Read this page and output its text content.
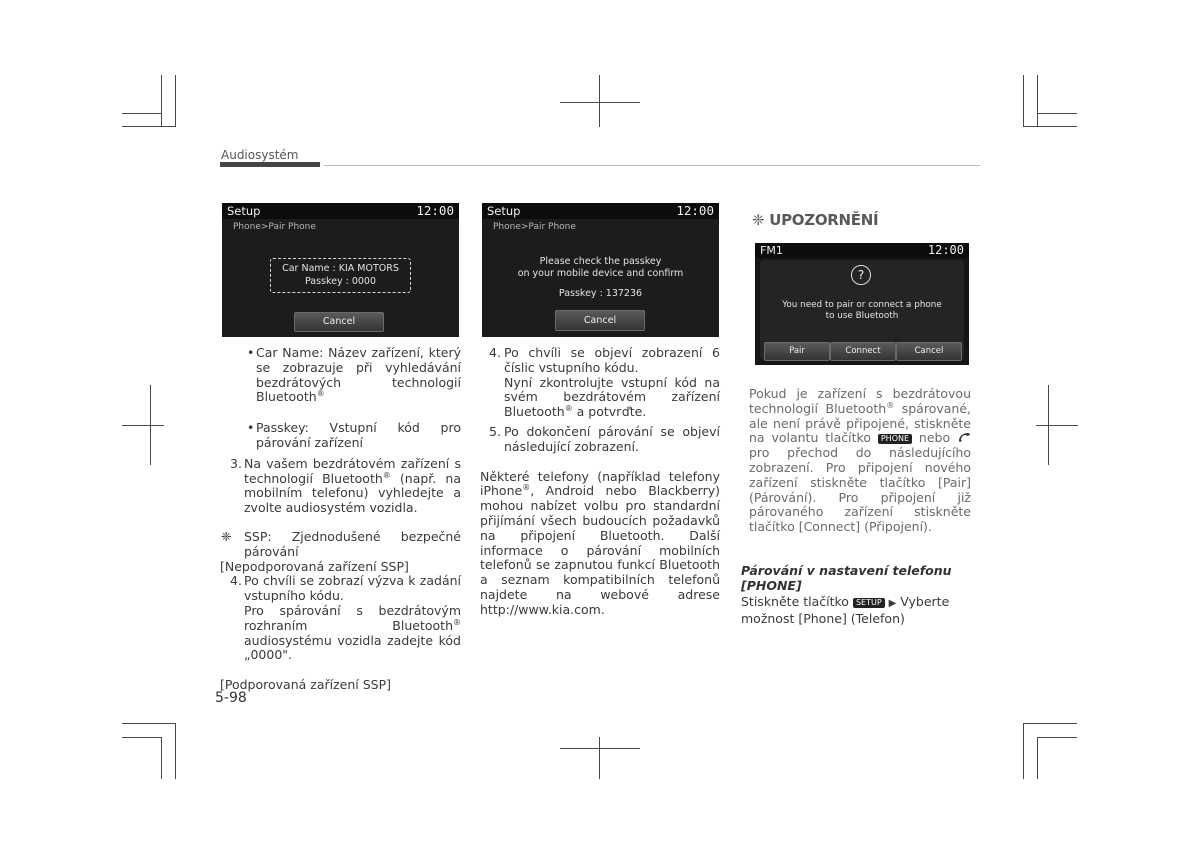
Audiosystém
Setup	12:00
Phone>Pair Phone
Car Name : KIA MOTORS
Passkey : 0000
Cancel
Setup	12:00
Phone>Pair Phone
Please check the passkey
on your mobile device and confirm
Passkey : 137236
Cancel
FM1	12:00
?
You need to pair or connect a phone
to use Bluetooth
Pair	Connect	Cancel
• Car Name: Název zařízení, který se zobrazuje při vyhledávání bezdrátových technologií Bluetooth®

• Passkey: Vstupní kód pro párování zařízení

3. Na vašem bezdrátovém zařízení s technologií Bluetooth® (např. na mobilním telefonu) vyhledejte a zvolte audiosystém vozidla.

❈ SSP: Zjednodušené bezpečné párování

[Nepodporovaná zařízení SSP]

4. Po chvíli se zobrazí výzva k zadání vstupního kódu.

Pro spárování s bezdrátovým rozhraním Bluetooth® audiosystému vozidla zadejte kód „0000".

[Podporovaná zařízení SSP]

4. Po chvíli se objeví zobrazení 6 číslic vstupního kódu.

Nyní zkontrolujte vstupní kód na svém bezdrátovém zařízení Bluetooth® a potvrďte.

5. Po dokončení párování se objeví následující zobrazení.

Některé telefony (například telefony iPhone®, Android nebo Blackberry) mohou nabízet volbu pro standardní přijímání všech budoucích požadavků na připojení Bluetooth. Další informace o párování mobilních telefonů se zapnutou funkcí Bluetooth a seznam kompatibilních telefonů najdete na webové adrese http://www.kia.com.

❈ UPOZORNĚNÍ

Pokud je zařízení s bezdrátovou technologií Bluetooth® spárované, ale není právě připojené, stiskněte na volantu tlačítko PHONE nebo  pro přechod do následujícího zobrazení. Pro připojení nového zařízení stiskněte tlačítko [Pair] (Párování). Pro připojení již párovaného zařízení stiskněte tlačítko [Connect] (Připojení).

Párování v nastavení telefonu [PHONE]

Stiskněte tlačítko SETUP ▶ Vyberte možnost [Phone] (Telefon)

5-98
